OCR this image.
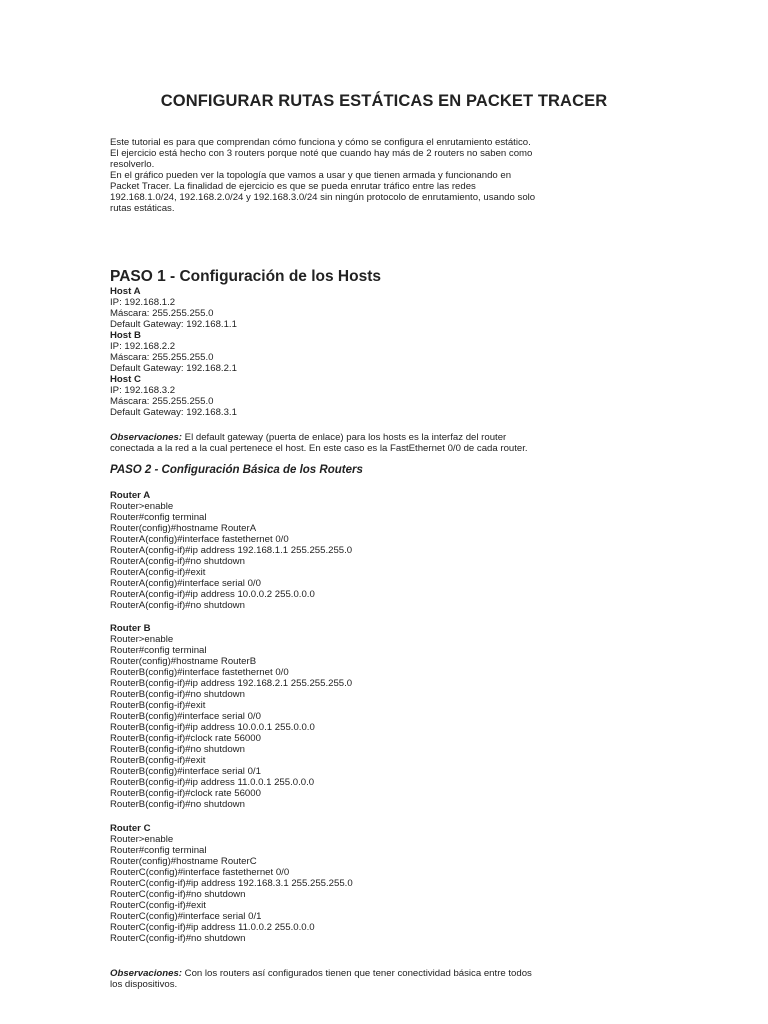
CONFIGURAR RUTAS ESTÁTICAS EN PACKET TRACER
Este tutorial es para que comprendan cómo funciona y cómo se configura el enrutamiento estático.
El ejercicio está hecho con 3 routers porque noté que cuando hay más de 2 routers no saben como
resolverlo.
En el gráfico pueden ver la topología que vamos a usar y que tienen armada y funcionando en
Packet Tracer. La finalidad de ejercicio es que se pueda enrutar tráfico entre las redes
192.168.1.0/24, 192.168.2.0/24 y 192.168.3.0/24 sin ningún protocolo de enrutamiento, usando solo
rutas estáticas.
PASO 1 - Configuración de los Hosts
Host A
IP: 192.168.1.2
Máscara: 255.255.255.0
Default Gateway: 192.168.1.1
Host B
IP: 192.168.2.2
Máscara: 255.255.255.0
Default Gateway: 192.168.2.1
Host C
IP: 192.168.3.2
Máscara: 255.255.255.0
Default Gateway: 192.168.3.1
Observaciones: El default gateway (puerta de enlace) para los hosts es la interfaz del router
conectada a la red a la cual pertenece el host. En este caso es la FastEthernet 0/0 de cada router.
PASO 2 - Configuración Básica de los Routers
Router A
Router>enable
Router#config terminal
Router(config)#hostname RouterA
RouterA(config)#interface fastethernet 0/0
RouterA(config-if)#ip address 192.168.1.1 255.255.255.0
RouterA(config-if)#no shutdown
RouterA(config-if)#exit
RouterA(config)#interface serial 0/0
RouterA(config-if)#ip address 10.0.0.2 255.0.0.0
RouterA(config-if)#no shutdown
Router B
Router>enable
Router#config terminal
Router(config)#hostname RouterB
RouterB(config)#interface fastethernet 0/0
RouterB(config-if)#ip address 192.168.2.1 255.255.255.0
RouterB(config-if)#no shutdown
RouterB(config-if)#exit
RouterB(config)#interface serial 0/0
RouterB(config-if)#ip address 10.0.0.1 255.0.0.0
RouterB(config-if)#clock rate 56000
RouterB(config-if)#no shutdown
RouterB(config-if)#exit
RouterB(config)#interface serial 0/1
RouterB(config-if)#ip address 11.0.0.1 255.0.0.0
RouterB(config-if)#clock rate 56000
RouterB(config-if)#no shutdown
Router C
Router>enable
Router#config terminal
Router(config)#hostname RouterC
RouterC(config)#interface fastethernet 0/0
RouterC(config-if)#ip address 192.168.3.1 255.255.255.0
RouterC(config-if)#no shutdown
RouterC(config-if)#exit
RouterC(config)#interface serial 0/1
RouterC(config-if)#ip address 11.0.0.2 255.0.0.0
RouterC(config-if)#no shutdown
Observaciones: Con los routers así configurados tienen que tener conectividad básica entre todos
los dispositivos.
